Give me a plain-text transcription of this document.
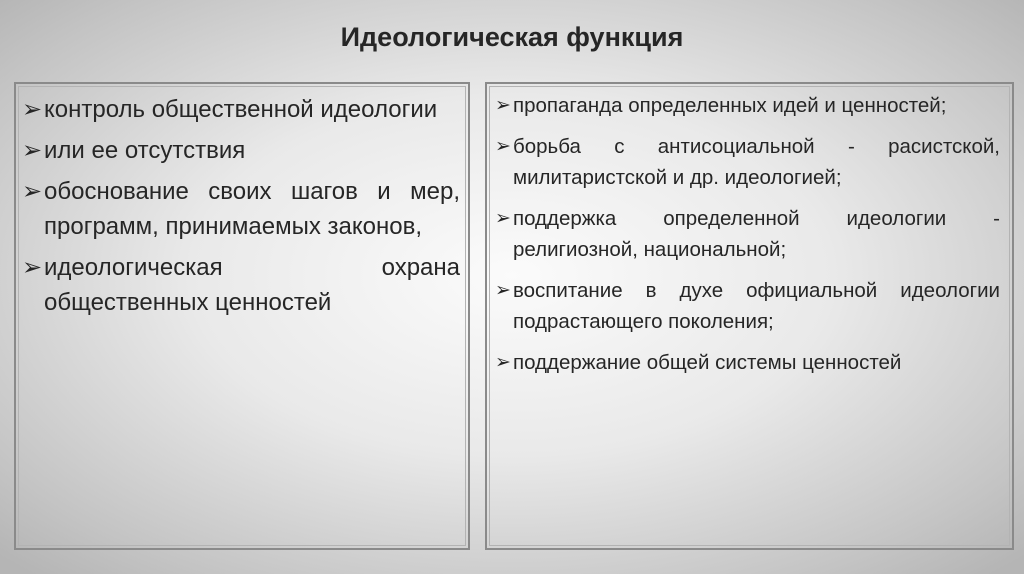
Идеологическая функция
➢ контроль общественной идеологии
➢ или ее отсутствия
➢ обоснование своих шагов и мер, программ, принимаемых законов,
➢ идеологическая охрана общественных ценностей
➢ пропаганда определенных идей и ценностей;
➢ борьба с антисоциальной - расистской, милитаристской и др. идеологией;
➢ поддержка определенной идеологии - религиозной, национальной;
➢ воспитание в духе официальной идеологии подрастающего поколения;
➢ поддержание общей системы ценностей
